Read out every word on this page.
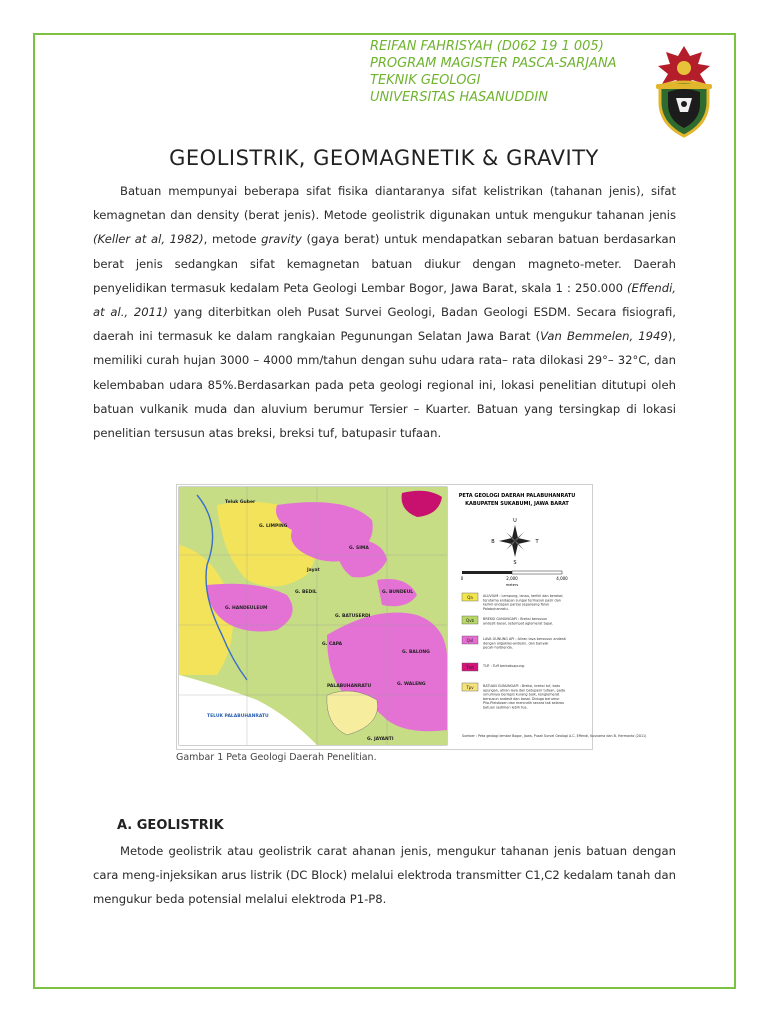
REIFAN FAHRISYAH (D062 19 1 005)
PROGRAM MAGISTER PASCA-SARJANA
TEKNIK GEOLOGI
UNIVERSITAS HASANUDDIN
GEOLISTRIK, GEOMAGNETIK & GRAVITY
Batuan mempunyai beberapa sifat fisika diantaranya sifat kelistrikan (tahanan jenis), sifat kemagnetan dan density (berat jenis). Metode geolistrik digunakan untuk mengukur tahanan jenis (Keller at al, 1982), metode gravity (gaya berat) untuk mendapatkan sebaran batuan berdasarkan berat jenis sedangkan sifat kemagnetan batuan diukur dengan magneto-meter. Daerah penyelidikan termasuk kedalam Peta Geologi Lembar Bogor, Jawa Barat, skala 1 : 250.000 (Effendi, at al., 2011) yang diterbitkan oleh Pusat Survei Geologi, Badan Geologi ESDM. Secara fisiografi, daerah ini termasuk ke dalam rangkaian Pegunungan Selatan Jawa Barat (Van Bemmelen, 1949), memiliki curah hujan 3000 – 4000 mm/tahun dengan suhu udara rata– rata dilokasi 29°– 32°C, dan kelembaban udara 85%.Berdasarkan pada peta geologi regional ini, lokasi penelitian ditutupi oleh batuan vulkanik muda dan aluvium berumur Tersier – Kuarter. Batuan yang tersingkap di lokasi penelitian tersusun atas breksi, breksi tuf, batupasir tufaan.
Teluk Guber
G. LIMPING
G. SIMA
Jayat
G. HANDEULEUM
G. BEDIL	G. BUNDEUL
G. BATUSERDI
G. CAPA
PALABUHANRATU
G. BALONG
G. WALENG
TELUK PALABUHANRATU
G. JAYANTI
PETA GEOLOGI DAERAH PALABUHANRATU
KABUPATEN SUKABUMI, JAWA BARAT
U
B	T
S
0	2,000	4,000
meters
Qa	ALUVIUM : Lempung, lanau, kerikil dan kerakal;
terutama endapan sungai termasuk pasir dan
kerikil endapan pantai sepanjang Teluk
Palabuhanratu.
Qvb	BREKSI GUNUNGAPI : Breksi bersusun
andesit-basal, setempat aglomerat tapal.
Qvl	LAVA GUNUNG API : Aliran lava bersusun andesit
dengan oligoklas-andesin, dan banyak
pecah-horblenda.
Tmt	TUF : Tuff berbatuapung.
Tpv	BATUAN GUNUNGAPI : Breksi, breksi tuf, batu
apungan, aliran lava dan batupasir tufaan, pada
umumnya berlapis kurang baik, konglomerat
bersusun andesit dan basal. Diduga berumur
Plio-Pleistosen dan menindih secara tak selaras
batuan sedimen lebih tua.
Sumber : Peta geologi lembar Bogor, Jawa, Pusat Survei Geologi A.C. Effendi, Kusnama dan B. Hermanto (2011)
Gambar 1 Peta Geologi Daerah Penelitian.
A. GEOLISTRIK
Metode geolistrik atau geolistrik carat ahanan jenis, mengukur tahanan jenis batuan dengan cara meng-injeksikan arus listrik (DC Block) melalui elektroda transmitter C1,C2 kedalam tanah dan mengukur beda potensial melalui elektroda P1-P8.
